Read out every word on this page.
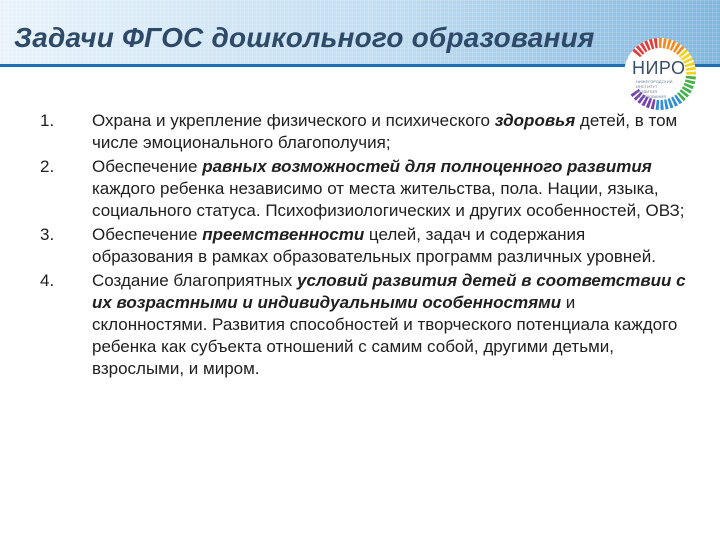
Задачи ФГОС дошкольного образования
НИРО
НИЖЕГОРОДСКИЙ
ИНСТИТУТ
РАЗВИТИЯ
ОБРАЗОВАНИЯ
1.	Охрана и укрепление физического и психического здоровья детей, в том числе эмоционального благополучия;
2.	Обеспечение равных возможностей для полноценного развития каждого ребенка независимо от места жительства, пола. Нации, языка, социального статуса. Психофизиологических и других особенностей, ОВЗ;
3.	Обеспечение преемственности целей, задач и содержания образования в рамках образовательных программ различных уровней.
4.	Создание благоприятных условий развития детей в соответствии с их возрастными и индивидуальными особенностями и склонностями. Развития способностей и творческого потенциала каждого ребенка как субъекта отношений с самим собой, другими детьми, взрослыми, и миром.
